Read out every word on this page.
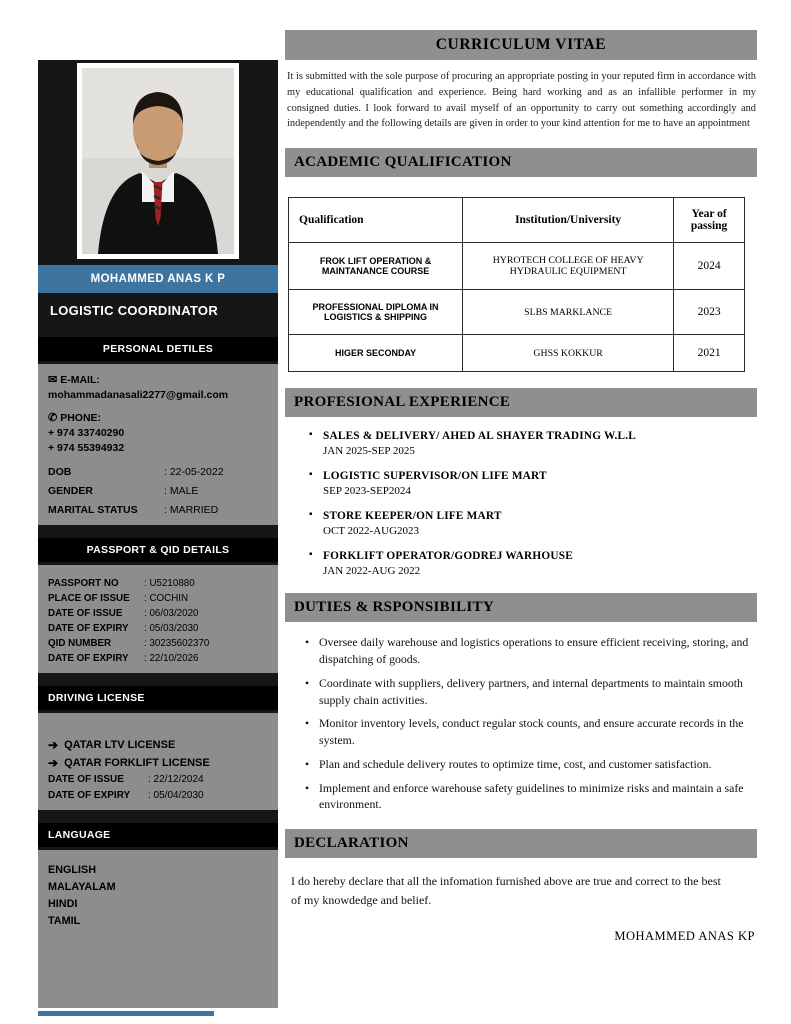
MOHAMMED ANAS K P
LOGISTIC COORDINATOR
PERSONAL DETILES
✉ E-MAIL:
mohammadanasali2277@gmail.com
✆ PHONE:
+ 974 33740290
+ 974 55394932
DOB	: 22-05-2022
GENDER	: MALE
MARITAL STATUS	: MARRIED
PASSPORT & QID DETAILS
PASSPORT NO	: U5210880
PLACE OF ISSUE	: COCHIN
DATE OF ISSUE	: 06/03/2020
DATE OF EXPIRY	: 05/03/2030
QID NUMBER	: 30235602370
DATE OF EXPIRY	: 22/10/2026
DRIVING LICENSE
➔ QATAR LTV LICENSE
➔ QATAR FORKLIFT LICENSE
DATE OF ISSUE	: 22/12/2024
DATE OF EXPIRY	: 05/04/2030
LANGUAGE
ENGLISH
MALAYALAM
HINDI
TAMIL
CURRICULUM VITAE

It is submitted with the sole purpose of procuring an appropriate posting in your reputed firm in accordance with my educational qualification and experience. Being hard working and as an infallible performer in my consigned duties. I look forward to avail myself of an opportunity to carry out something accordingly and independently and the following details are given in order to your kind attention for me to have an appointment

ACADEMIC QUALIFICATION
Qualification	Institution/University	Year of passing
FROK LIFT OPERATION & MAINTANANCE COURSE	HYROTECH COLLEGE OF HEAVY HYDRAULIC EQUIPMENT	2024
PROFESSIONAL DIPLOMA IN LOGISTICS & SHIPPING	SLBS MARKLANCE	2023
HIGER SECONDAY	GHSS KOKKUR	2021
PROFESIONAL EXPERIENCE
▪ SALES & DELIVERY/ AHED AL SHAYER TRADING W.L.L
JAN 2025-SEP 2025
▪ LOGISTIC SUPERVISOR/ON LIFE MART
SEP 2023-SEP2024
▪ STORE KEEPER/ON LIFE MART
OCT 2022-AUG2023
▪ FORKLIFT OPERATOR/GODREJ WARHOUSE
JAN 2022-AUG 2022
DUTIES & RSPONSIBILITY
• Oversee daily warehouse and logistics operations to ensure efficient receiving, storing, and dispatching of goods.
• Coordinate with suppliers, delivery partners, and internal departments to maintain smooth supply chain activities.
• Monitor inventory levels, conduct regular stock counts, and ensure accurate records in the system.
• Plan and schedule delivery routes to optimize time, cost, and customer satisfaction.
• Implement and enforce warehouse safety guidelines to minimize risks and maintain a safe environment.
DECLARATION

I do hereby declare that all the infomation furnished above are true and correct to the best of my knowdedge and belief.

MOHAMMED ANAS KP
